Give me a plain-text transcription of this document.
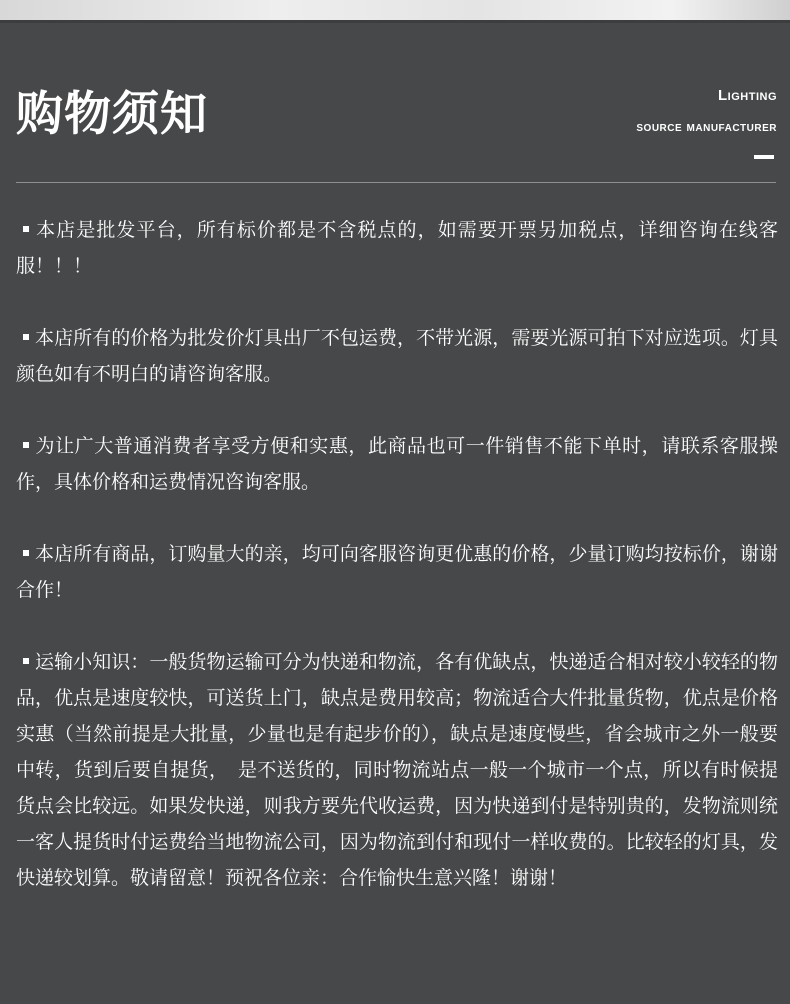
购物须知	Lighting
source manufacturer

本店是批发平台，所有标价都是不含税点的，如需要开票另加税点，详细咨询在线客服！！！

本店所有的价格为批发价灯具出厂不包运费，不带光源，需要光源可拍下对应选项。灯具颜色如有不明白的请咨询客服。

为让广大普通消费者享受方便和实惠，此商品也可一件销售不能下单时，请联系客服操作，具体价格和运费情况咨询客服。

本店所有商品，订购量大的亲，均可向客服咨询更优惠的价格，少量订购均按标价，谢谢合作！

运输小知识：一般货物运输可分为快递和物流，各有优缺点，快递适合相对较小较轻的物品，优点是速度较快，可送货上门，缺点是费用较高；物流适合大件批量货物，优点是价格实惠（当然前提是大批量，少量也是有起步价的），缺点是速度慢些，省会城市之外一般要中转，货到后要自提货，　是不送货的，同时物流站点一般一个城市一个点，所以有时候提货点会比较远。如果发快递，则我方要先代收运费，因为快递到付是特别贵的，发物流则统一客人提货时付运费给当地物流公司，因为物流到付和现付一样收费的。比较轻的灯具，发快递较划算。敬请留意！预祝各位亲：合作愉快生意兴隆！谢谢！
